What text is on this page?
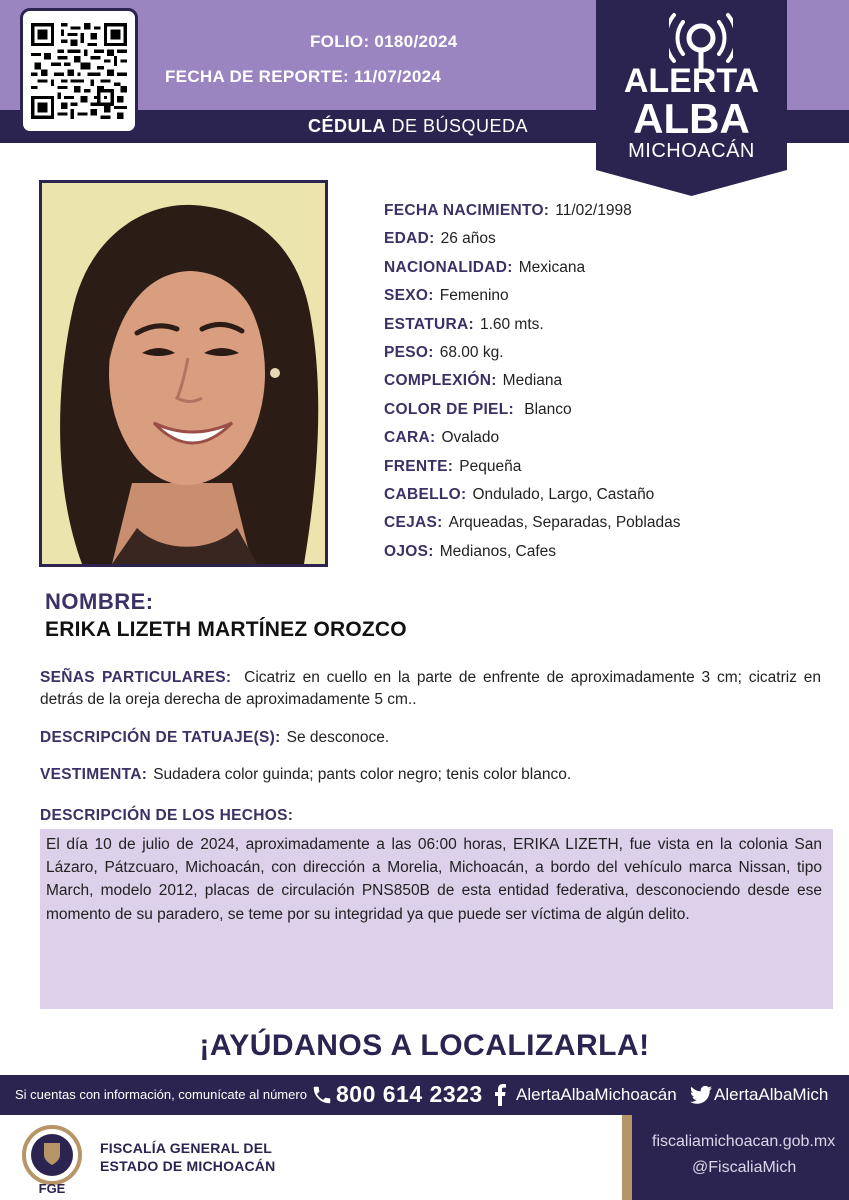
FOLIO: 0180/2024
FECHA DE REPORTE: 11/07/2024
CÉDULA DE BÚSQUEDA
ALERTA
ALBA
MICHOACÁN
FECHA NACIMIENTO: 11/02/1998
EDAD: 26 años
NACIONALIDAD: Mexicana
SEXO: Femenino
ESTATURA: 1.60 mts.
PESO: 68.00 kg.
COMPLEXIÓN: Mediana
COLOR DE PIEL: Blanco
CARA: Ovalado
FRENTE: Pequeña
CABELLO: Ondulado, Largo, Castaño
CEJAS: Arqueadas, Separadas, Pobladas
OJOS: Medianos, Cafes
NOMBRE:
ERIKA LIZETH MARTÍNEZ OROZCO
SEÑAS PARTICULARES: Cicatriz en cuello en la parte de enfrente de aproximadamente 3 cm; cicatriz en detrás de la oreja derecha de aproximadamente 5 cm..
DESCRIPCIÓN DE TATUAJE(S): Se desconoce.
VESTIMENTA: Sudadera color guinda; pants color negro; tenis color blanco.
DESCRIPCIÓN DE LOS HECHOS:
El día 10 de julio de 2024, aproximadamente a las 06:00 horas, ERIKA LIZETH, fue vista en la colonia San Lázaro, Pátzcuaro, Michoacán, con dirección a Morelia, Michoacán, a bordo del vehículo marca Nissan, tipo March, modelo 2012, placas de circulación PNS850B de esta entidad federativa, desconociendo desde ese momento de su paradero, se teme por su integridad ya que puede ser víctima de algún delito.
¡AYÚDANOS A LOCALIZARLA!
Si cuentas con información, comunícate al número 800 614 2323 AlertaAlbaMichoacán AlertaAlbaMich
FGE
FISCALÍA GENERAL DEL
ESTADO DE MICHOACÁN
fiscaliamichoacan.gob.mx
@FiscaliaMich
